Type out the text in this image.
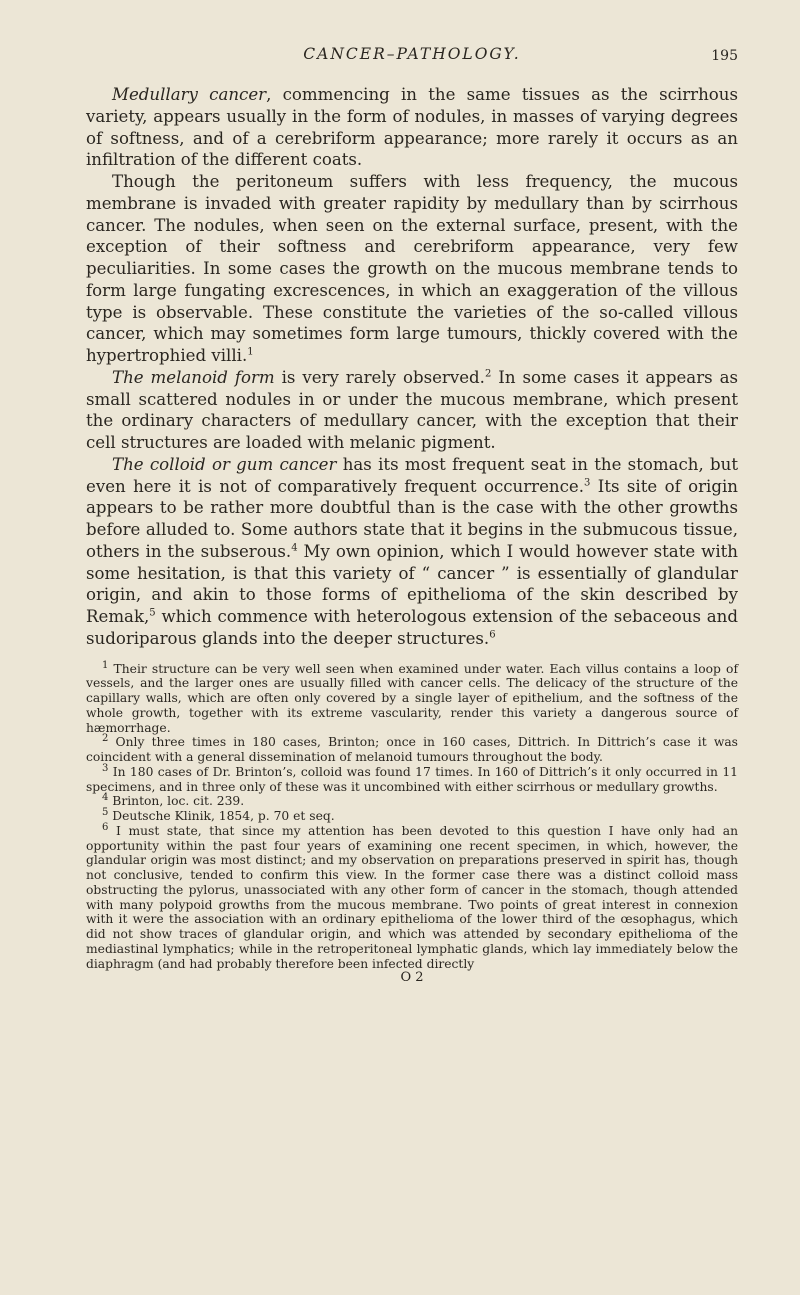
CANCER–PATHOLOGY.	195

Medullary cancer, commencing in the same tissues as the scirrhous variety, appears usually in the form of nodules, in masses of varying degrees of softness, and of a cerebriform appearance; more rarely it occurs as an infiltration of the different coats.

Though the peritoneum suffers with less frequency, the mucous membrane is invaded with greater rapidity by medullary than by scirrhous cancer. The nodules, when seen on the external surface, present, with the exception of their softness and cerebriform appearance, very few peculiarities. In some cases the growth on the mucous membrane tends to form large fungating excrescences, in which an exaggeration of the villous type is observable. These constitute the varieties of the so-called villous cancer, which may sometimes form large tumours, thickly covered with the hypertrophied villi.$^1$

The melanoid form is very rarely observed.$^2$ In some cases it appears as small scattered nodules in or under the mucous membrane, which present the ordinary characters of medullary cancer, with the exception that their cell structures are loaded with melanic pigment.

The colloid or gum cancer has its most frequent seat in the stomach, but even here it is not of comparatively frequent occurrence.$^3$ Its site of origin appears to be rather more doubtful than is the case with the other growths before alluded to. Some authors state that it begins in the submucous tissue, others in the subserous.$^4$ My own opinion, which I would however state with some hesitation, is that this variety of “ cancer ” is essentially of glandular origin, and akin to those forms of epithelioma of the skin described by Remak,$^5$ which commence with heterologous extension of the sebaceous and sudoriparous glands into the deeper structures.$^6$

$^1$ Their structure can be very well seen when examined under water. Each villus contains a loop of vessels, and the larger ones are usually filled with cancer cells. The delicacy of the structure of the capillary walls, which are often only covered by a single layer of epithelium, and the softness of the whole growth, together with its extreme vascularity, render this variety a dangerous source of hæmorrhage.

$^2$ Only three times in 180 cases, Brinton; once in 160 cases, Dittrich. In Dittrich’s case it was coincident with a general dissemination of melanoid tumours throughout the body.

$^3$ In 180 cases of Dr. Brinton’s, colloid was found 17 times. In 160 of Dittrich’s it only occurred in 11 specimens, and in three only of these was it uncombined with either scirrhous or medullary growths.

$^4$ Brinton, loc. cit. 239.

$^5$ Deutsche Klinik, 1854, p. 70 et seq.

$^6$ I must state, that since my attention has been devoted to this question I have only had an opportunity within the past four years of examining one recent specimen, in which, however, the glandular origin was most distinct; and my observation on preparations preserved in spirit has, though not conclusive, tended to confirm this view. In the former case there was a distinct colloid mass obstructing the pylorus, unassociated with any other form of cancer in the stomach, though attended with many polypoid growths from the mucous membrane. Two points of great interest in connexion with it were the association with an ordinary epithelioma of the lower third of the œsophagus, which did not show traces of glandular origin, and which was attended by secondary epithelioma of the mediastinal lymphatics; while in the retroperitoneal lymphatic glands, which lay immediately below the diaphragm (and had probably therefore been infected directly

O 2
